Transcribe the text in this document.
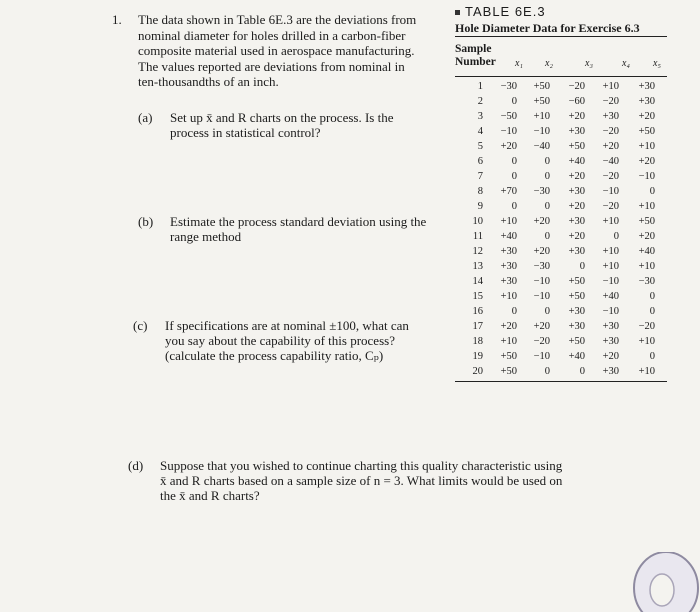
1. The data shown in Table 6E.3 are the deviations from
nominal diameter for holes drilled in a carbon-fiber
composite material used in aerospace manufacturing.
The values reported are deviations from nominal in
ten-thousandths of an inch.
(a) Set up x̄ and R charts on the process. Is the
process in statistical control?
(b) Estimate the process standard deviation using the
range method
(c) If specifications are at nominal ±100, what can
you say about the capability of this process?
(calculate the process capability ratio, Cₚ)
(d) Suppose that you wished to continue charting this quality characteristic using
x̄ and R charts based on a sample size of n = 3. What limits would be used on
the x̄ and R charts?
TABLE 6E.3
Hole Diameter Data for Exercise 6.3
Sample
Number x₁ x₂	x₃	x₄ x₅
1	−30	+50	−20	+10	+30
2	0	+50	−60	−20	+30
3	−50	+10	+20	+30	+20
4	−10	−10	+30	−20	+50
5	+20	−40	+50	+20	+10
6	0	0	+40	−40	+20
7	0	0	+20	−20	−10
8	+70	−30	+30	−10	0
9	0	0	+20	−20	+10
10	+10	+20	+30	+10	+50
11	+40	0	+20	0	+20
12	+30	+20	+30	+10	+40
13	+30	−30	0	+10	+10
14	+30	−10	+50	−10	−30
15	+10	−10	+50	+40	0
16	0	0	+30	−10	0
17	+20	+20	+30	+30	−20
18	+10	−20	+50	+30	+10
19	+50	−10	+40	+20	0
20	+50	0	0	+30	+10
